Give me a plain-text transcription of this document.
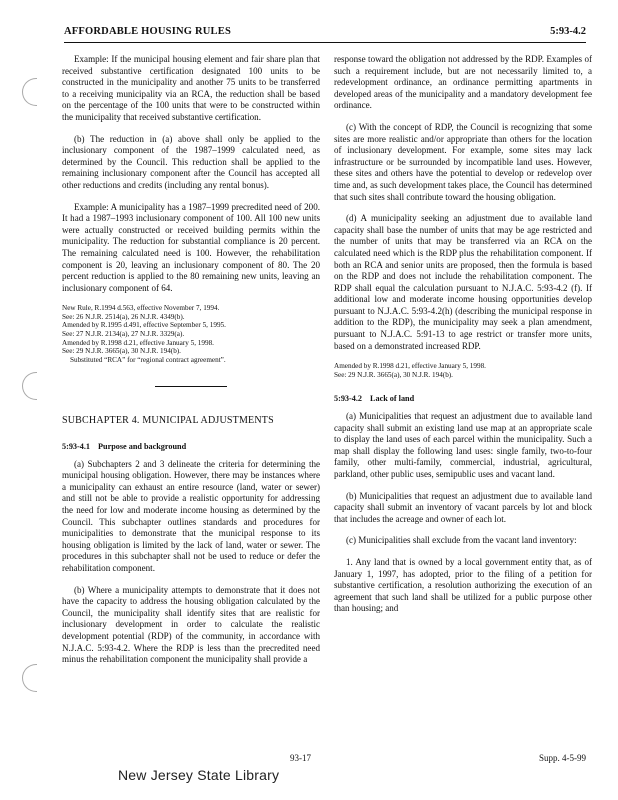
AFFORDABLE HOUSING RULES	5:93-4.2

Example: If the municipal housing element and fair share plan that received substantive certification designated 100 units to be constructed in the municipality and another 75 units to be transferred to a receiving municipality via an RCA, the reduction shall be based on the percentage of the 100 units that were to be constructed within the municipality that received substantive certification.

(b) The reduction in (a) above shall only be applied to the inclusionary component of the 1987–1999 calculated need, as determined by the Council. This reduction shall be applied to the remaining inclusionary component after the Council has accepted all other reductions and credits (including any rental bonus).

Example: A municipality has a 1987–1999 precredited need of 200. It had a 1987–1993 inclusionary component of 100. All 100 new units were actually constructed or received building permits within the municipality. The reduction for substantial compliance is 20 percent. The remaining calculated need is 100. However, the rehabilitation component is 20, leaving an inclusionary component of 80. The 20 percent reduction is applied to the 80 remaining new units, leaving an inclusionary component of 64.

New Rule, R.1994 d.563, effective November 7, 1994.
See: 26 N.J.R. 2514(a), 26 N.J.R. 4349(b).
Amended by R.1995 d.491, effective September 5, 1995.
See: 27 N.J.R. 2134(a), 27 N.J.R. 3329(a).
Amended by R.1998 d.21, effective January 5, 1998.
See: 29 N.J.R. 3665(a), 30 N.J.R. 194(b).
Substituted “RCA” for “regional contract agreement”.
SUBCHAPTER 4. MUNICIPAL ADJUSTMENTS
5:93-4.1 Purpose and background

(a) Subchapters 2 and 3 delineate the criteria for determining the municipal housing obligation. However, there may be instances where a municipality can exhaust an entire resource (land, water or sewer) and still not be able to provide a realistic opportunity for addressing the need for low and moderate income housing as determined by the Council. This subchapter outlines standards and procedures for municipalities to demonstrate that the municipal response to its housing obligation is limited by the lack of land, water or sewer. The procedures in this subchapter shall not be used to reduce or defer the rehabilitation component.

(b) Where a municipality attempts to demonstrate that it does not have the capacity to address the housing obligation calculated by the Council, the municipality shall identify sites that are realistic for inclusionary development in order to calculate the realistic development potential (RDP) of the community, in accordance with N.J.A.C. 5:93-4.2. Where the RDP is less than the precredited need minus the rehabilitation component the municipality shall provide a

response toward the obligation not addressed by the RDP. Examples of such a requirement include, but are not necessarily limited to, a redevelopment ordinance, an ordinance permitting apartments in developed areas of the municipality and a mandatory development fee ordinance.

(c) With the concept of RDP, the Council is recognizing that some sites are more realistic and/or appropriate than others for the location of inclusionary development. For example, some sites may lack infrastructure or be surrounded by incompatible land uses. However, these sites and others have the potential to develop or redevelop over time and, as such development takes place, the Council has determined that such sites shall contribute toward the housing obligation.

(d) A municipality seeking an adjustment due to available land capacity shall base the number of units that may be age restricted and the number of units that may be transferred via an RCA on the calculated need which is the RDP plus the rehabilitation component. If both an RCA and senior units are proposed, then the formula is based on the RDP and does not include the rehabilitation component. The RDP shall equal the calculation pursuant to N.J.A.C. 5:93-4.2 (f). If additional low and moderate income housing opportunities develop pursuant to N.J.A.C. 5:93-4.2(h) (describing the municipal response in addition to the RDP), the municipality may seek a plan amendment, pursuant to N.J.A.C. 5:91-13 to age restrict or transfer more units, based on a demonstrated increased RDP.

Amended by R.1998 d.21, effective January 5, 1998.
See: 29 N.J.R. 3665(a), 30 N.J.R. 194(b).
5:93-4.2 Lack of land

(a) Municipalities that request an adjustment due to available land capacity shall submit an existing land use map at an appropriate scale to display the land uses of each parcel within the municipality. Such a map shall display the following land uses: single family, two-to-four family, other multi-family, commercial, industrial, agricultural, parkland, other public uses, semipublic uses and vacant land.

(b) Municipalities that request an adjustment due to available land capacity shall submit an inventory of vacant parcels by lot and block that includes the acreage and owner of each lot.

(c) Municipalities shall exclude from the vacant land inventory:

1. Any land that is owned by a local government entity that, as of January 1, 1997, has adopted, prior to the filing of a petition for substantive certification, a resolution authorizing the execution of an agreement that such land shall be utilized for a public purpose other than housing; and

93-17	Supp. 4-5-99
New Jersey State Library
